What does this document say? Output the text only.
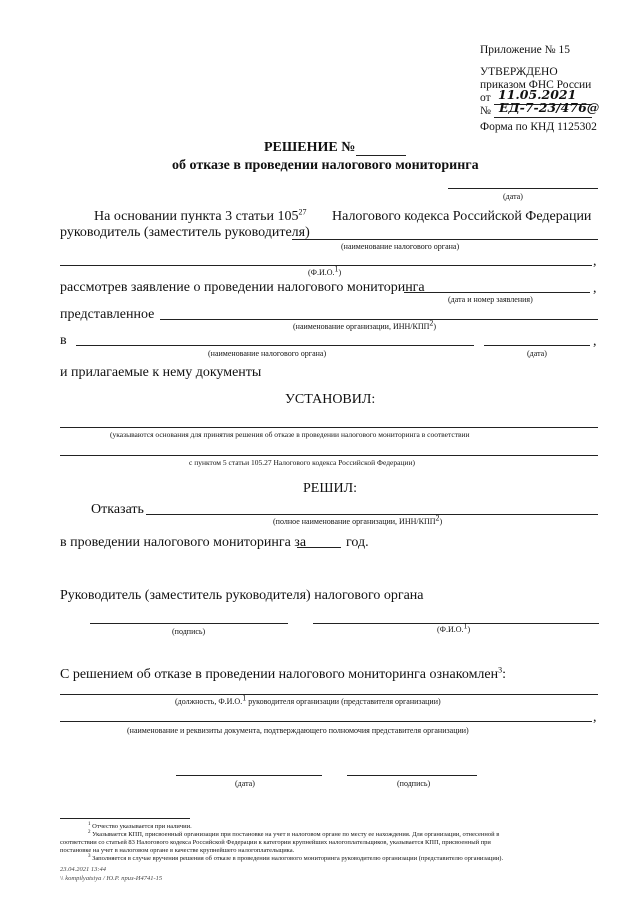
Приложение № 15
УТВЕРЖДЕНО
приказом ФНС России
от 11.05.2021
№ ЕД-7-23/476@
Форма по КНД 1125302
РЕШЕНИЕ №
об отказе в проведении налогового мониторинга
(дата)
На основании пункта 3 статьи $105^{27}$ Налогового кодекса Российской Федерации
руководитель (заместитель руководителя)
(наименование налогового органа)
,
(Ф.И.О.$^1$)
рассмотрев заявление о проведении налогового мониторинга	,
(дата и номер заявления)
представленное
(наименование организации, ИНН/КПП$^2$)
в	,
(наименование налогового органа)	(дата)
и прилагаемые к нему документы
УСТАНОВИЛ:
(указываются основания для принятия решения об отказе в проведении налогового мониторинга в соответствии
с пунктом 5 статьи 105.27 Налогового кодекса Российской Федерации)
РЕШИЛ:
Отказать
(полное наименование организации, ИНН/КПП$^2$)
в проведении налогового мониторинга за	год.
Руководитель (заместитель руководителя) налогового органа
(подпись)	(Ф.И.О.$^1$)
С решением об отказе в проведении налогового мониторинга ознакомлен$^3$:
(должность, Ф.И.О.$^1$ руководителя организации (представителя организации)
,
(наименование и реквизиты документа, подтверждающего полномочия представителя организации)
(дата)	(подпись)
$^1$ Отчество указывается при наличии.
$^2$ Указывается КПП, присвоенный организации при постановке на учет в налоговом органе по месту ее нахождения. Для организации, отнесенной в
соответствии со статьей 83 Налогового кодекса Российской Федерации к категории крупнейших налогоплательщиков, указывается КПП, присвоенный при
постановке на учет в налоговом органе в качестве крупнейшего налогоплательщика.
$^3$ Заполняется в случае вручения решения об отказе в проведении налогового мониторинга руководителю организации (представителю организации).
23.04.2021 13:44
\\ kompilyatsiya / Ю.Р. приз-И4741-15
